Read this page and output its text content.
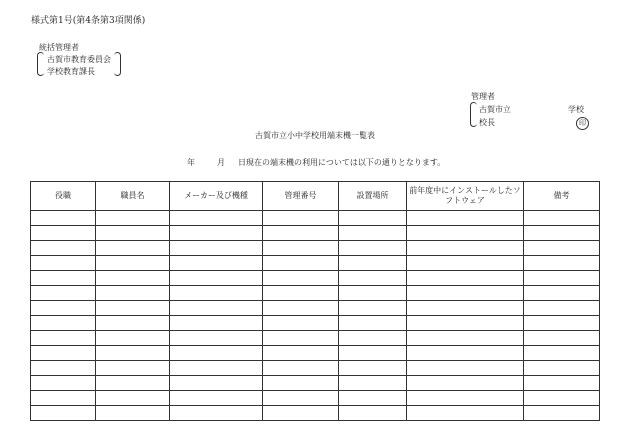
様式第1号(第4条第3項関係)
統括管理者
古賀市教育委員会
学校教育課長
管理者
古賀市立	学校
校長	印
古賀市立小中学校用端末機一覧表
年	月 日現在の端末機の利用については以下の通りとなります。
役職	職員名	メーカー及び機種	管理番号	設置場所	前年度中にインストールしたソフトウェア	備考
